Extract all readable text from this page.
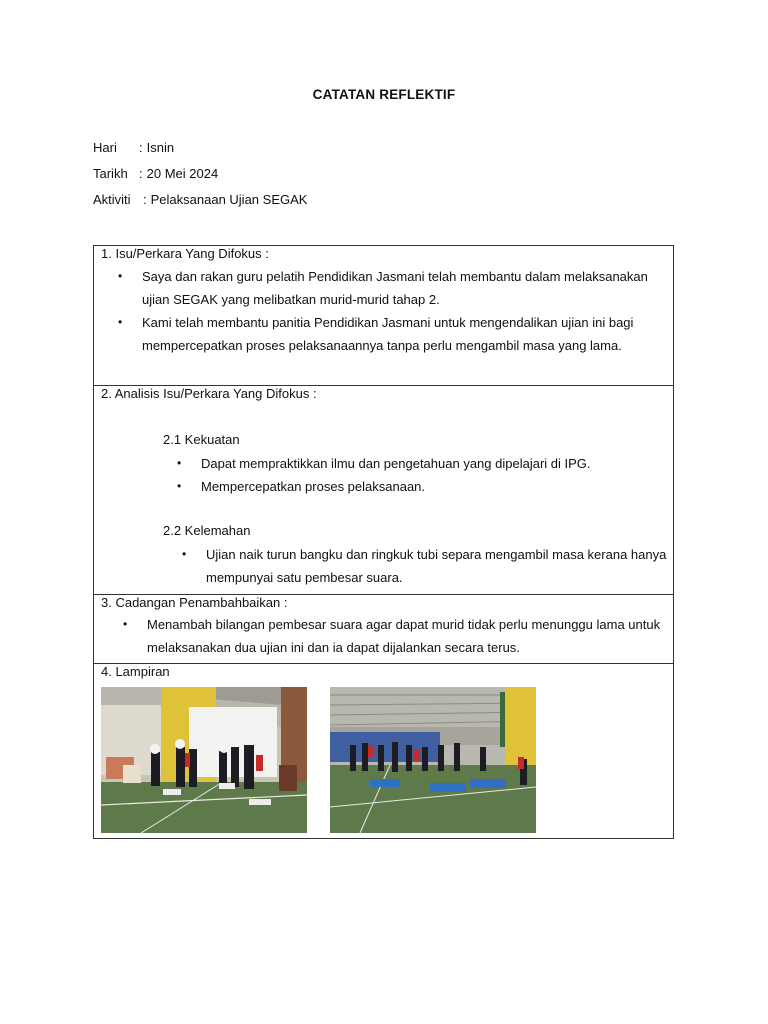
CATATAN REFLEKTIF
Hari	: Isnin
Tarikh : 20 Mei 2024
Aktiviti : Pelaksanaan Ujian SEGAK
1. Isu/Perkara Yang Difokus :
• Saya dan rakan guru pelatih Pendidikan Jasmani telah membantu dalam melaksanakan ujian SEGAK yang melibatkan murid-murid tahap 2.
• Kami telah membantu panitia Pendidikan Jasmani untuk mengendalikan ujian ini bagi mempercepatkan proses pelaksanaannya tanpa perlu mengambil masa yang lama.
2. Analisis Isu/Perkara Yang Difokus :
2.1 Kekuatan
• Dapat mempraktikkan ilmu dan pengetahuan yang dipelajari di IPG.
• Mempercepatkan proses pelaksanaan.
2.2 Kelemahan
• Ujian naik turun bangku dan ringkuk tubi separa mengambil masa kerana hanya mempunyai satu pembesar suara.
3. Cadangan Penambahbaikan :
• Menambah bilangan pembesar suara agar dapat murid tidak perlu menunggu lama untuk melaksanakan dua ujian ini dan ia dapat dijalankan secara terus.
4. Lampiran
